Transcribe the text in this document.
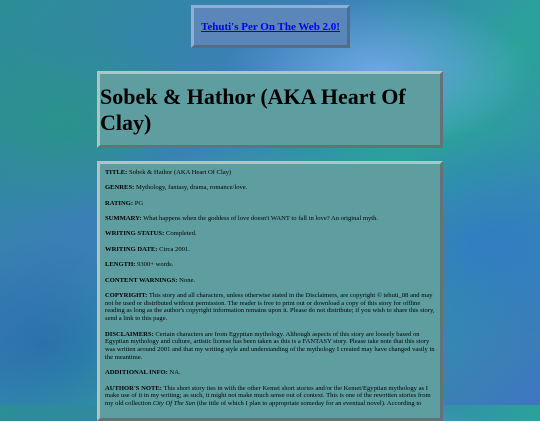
Tehuti's Per On The Web 2.0!
Sobek & Hathor (AKA Heart Of Clay)

TITLE: Sobek & Hathor (AKA Heart Of Clay)

GENRES: Mythology, fantasy, drama, romance/love.

RATING: PG

SUMMARY: What happens when the goddess of love doesn't WANT to fall in love? An original myth.

WRITING STATUS: Completed.

WRITING DATE: Circa 2001.

LENGTH: 9300+ words.

CONTENT WARNINGS: None.

COPYRIGHT: This story and all characters, unless otherwise stated in the Disclaimers, are copyright © tehuti_88 and may not be used or distributed without permission. The reader is free to print out or download a copy of this story for offline reading as long as the author's copyright information remains upon it. Please do not distribute; if you wish to share this story, send a link to this page.

DISCLAIMERS: Certain characters are from Egyptian mythology. Although aspects of this story are loosely based on Egyptian mythology and culture, artistic license has been taken as this is a FANTASY story. Please take note that this story was written around 2001 and that my writing style and understanding of the mythology I created may have changed vastly in the meantime.

ADDITIONAL INFO: NA.

AUTHOR'S NOTE: This short story ties in with the other Kemet short stories and/or the Kemet/Egyptian mythology as I make use of it in my writing; as such, it might not make much sense out of context. This is one of the rewritten stories from my old collection City Of The Sun (the title of which I plan to appropriate someday for an eventual novel). According to
